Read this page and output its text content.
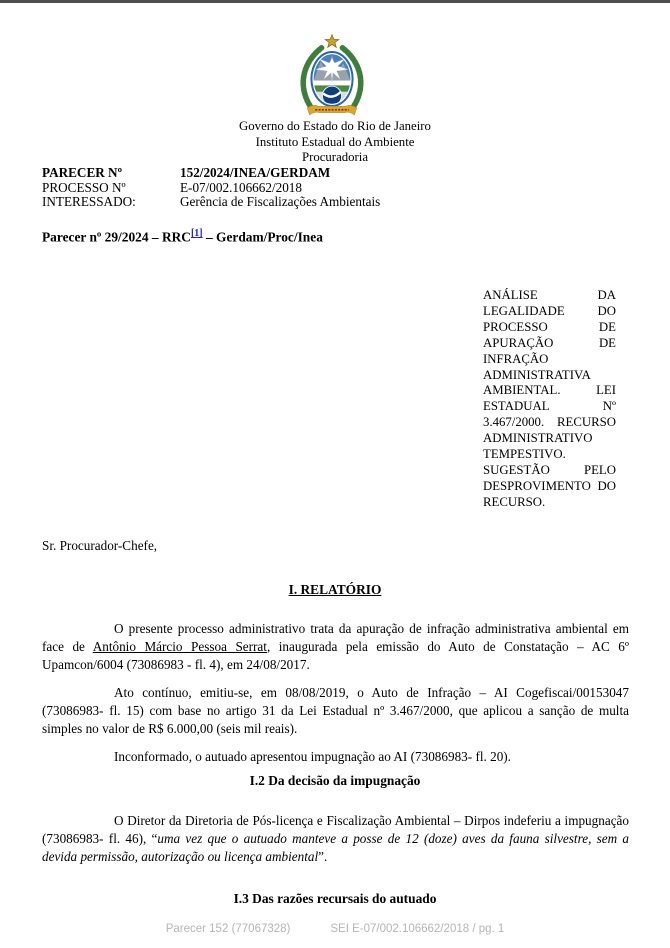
Governo do Estado do Rio de Janeiro
Instituto Estadual do Ambiente
Procuradoria
PARECER Nº	152/2024/INEA/GERDAM
PROCESSO Nº	E-07/002.106662/2018
INTERESSADO:	Gerência de Fiscalizações Ambientais
Parecer nº 29/2024 – RRC[1] – Gerdam/Proc/Inea
ANÁLISE DA LEGALIDADE DO PROCESSO DE APURAÇÃO DE INFRAÇÃO ADMINISTRATIVA AMBIENTAL. LEI ESTADUAL Nº 3.467/2000. RECURSO ADMINISTRATIVO TEMPESTIVO. SUGESTÃO PELO DESPROVIMENTO DO RECURSO.
Sr. Procurador-Chefe,
I. RELATÓRIO

O presente processo administrativo trata da apuração de infração administrativa ambiental em face de Antônio Márcio Pessoa Serrat, inaugurada pela emissão do Auto de Constatação – AC 6º Upamcon/6004 (73086983 - fl. 4), em 24/08/2017.

Ato contínuo, emitiu-se, em 08/08/2019, o Auto de Infração – AI Cogefiscai/00153047 (73086983- fl. 15) com base no artigo 31 da Lei Estadual nº 3.467/2000, que aplicou a sanção de multa simples no valor de R$ 6.000,00 (seis mil reais).

Inconformado, o autuado apresentou impugnação ao AI (73086983- fl. 20).

I.2 Da decisão da impugnação

O Diretor da Diretoria de Pós-licença e Fiscalização Ambiental – Dirpos indeferiu a impugnação (73086983- fl. 46), “uma vez que o autuado manteve a posse de 12 (doze) aves da fauna silvestre, sem a devida permissão, autorização ou licença ambiental”.

I.3 Das razões recursais do autuado
Parecer 152 (77067328)	SEI E-07/002.106662/2018 / pg. 1
